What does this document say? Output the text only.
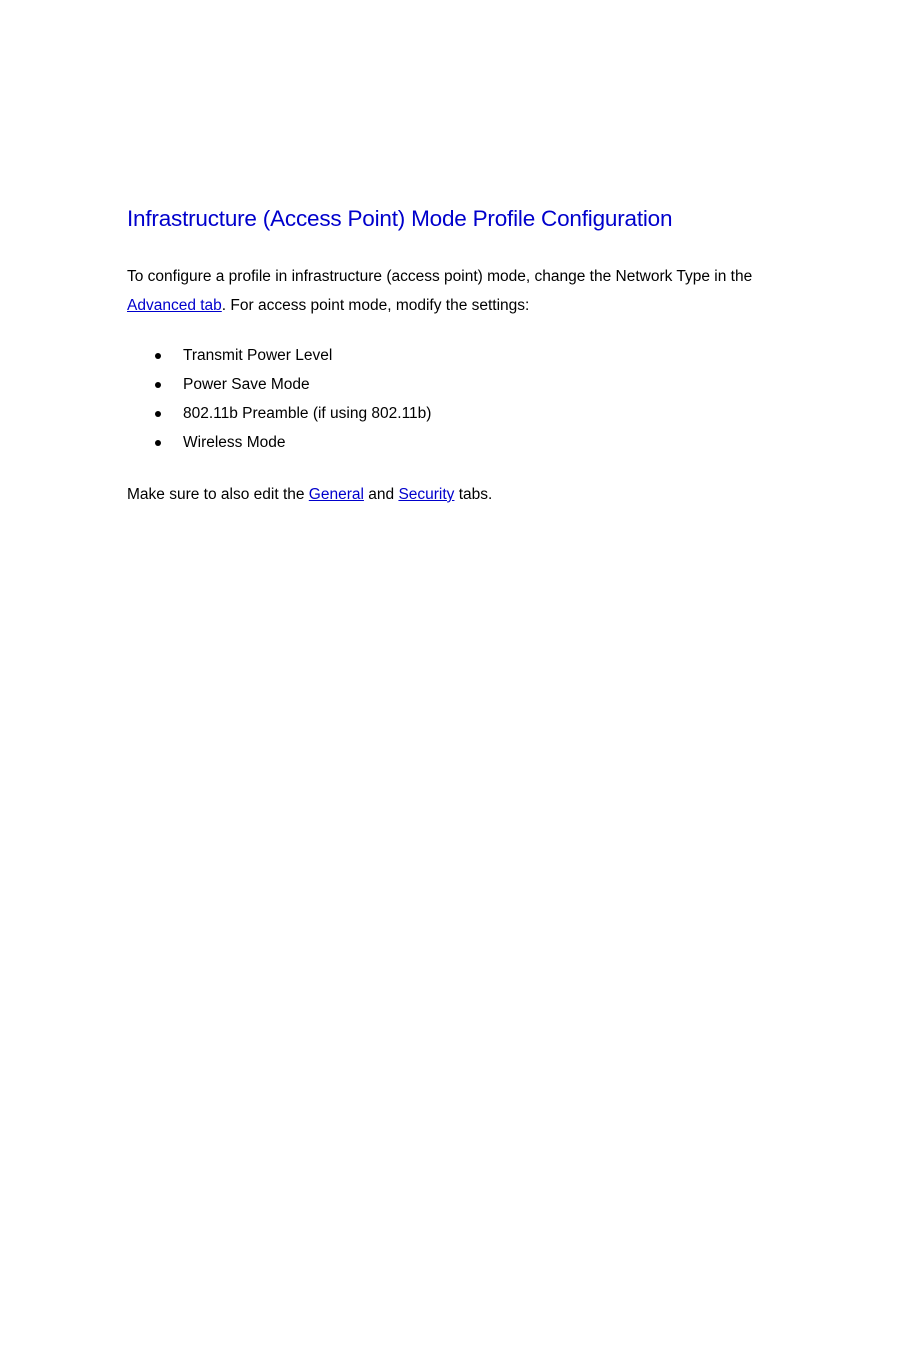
Infrastructure (Access Point) Mode Profile Configuration

To configure a profile in infrastructure (access point) mode, change the Network Type in the Advanced tab. For access point mode, modify the settings:

Transmit Power Level
Power Save Mode
802.11b Preamble (if using 802.11b)
Wireless Mode

Make sure to also edit the General and Security tabs.
